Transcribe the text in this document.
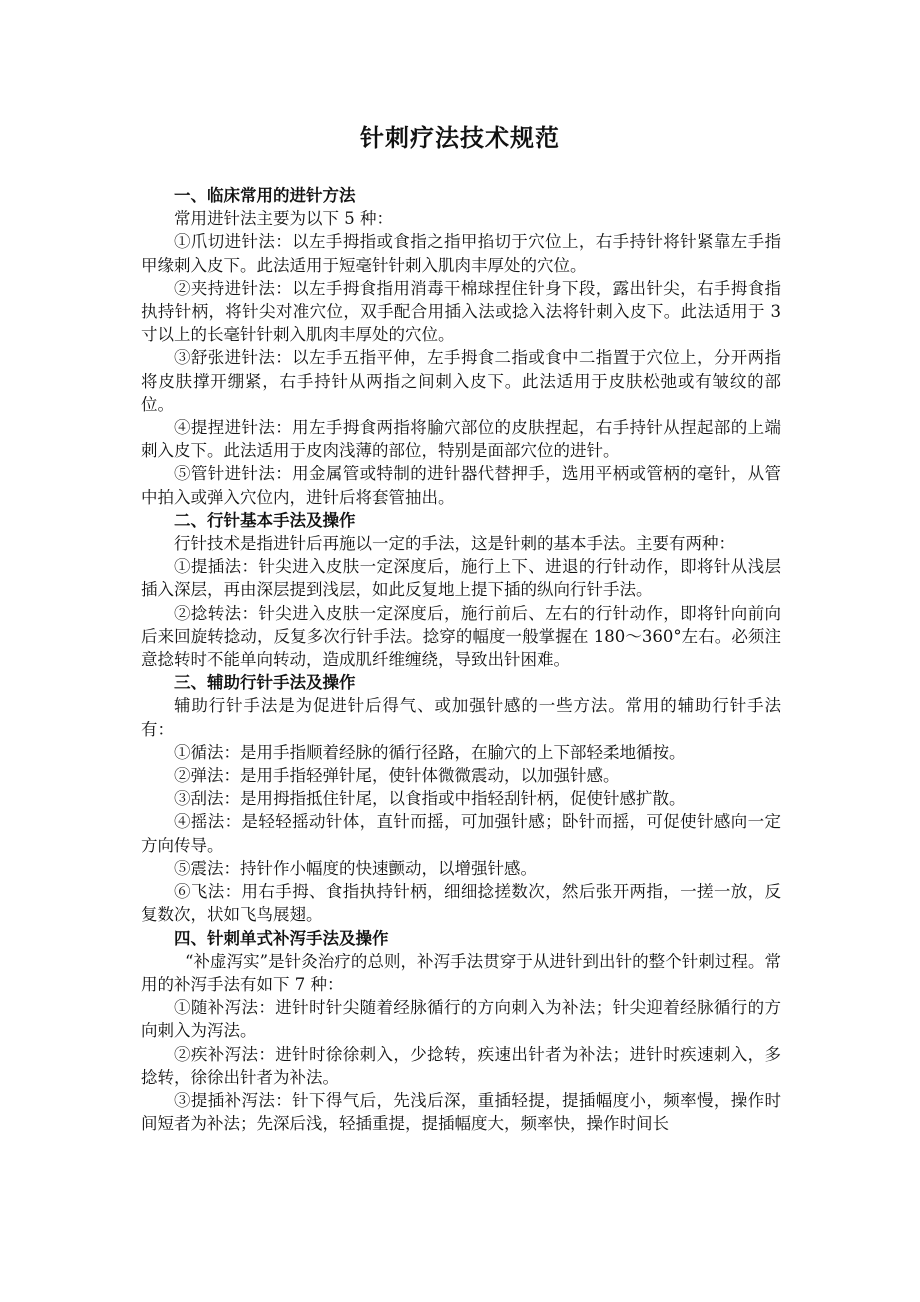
针刺疗法技术规范

一、临床常用的进针方法

常用进针法主要为以下 5 种：

①爪切进针法：以左手拇指或食指之指甲掐切于穴位上，右手持针将针紧靠左手指甲缘刺入皮下。此法适用于短毫针针刺入肌肉丰厚处的穴位。

②夹持进针法：以左手拇食指用消毒干棉球捏住针身下段，露出针尖，右手拇食指执持针柄，将针尖对准穴位，双手配合用插入法或捻入法将针刺入皮下。此法适用于 3 寸以上的长毫针针刺入肌肉丰厚处的穴位。

③舒张进针法：以左手五指平伸，左手拇食二指或食中二指置于穴位上，分开两指将皮肤撑开绷紧，右手持针从两指之间刺入皮下。此法适用于皮肤松弛或有皱纹的部位。

④提捏进针法：用左手拇食两指将腧穴部位的皮肤捏起，右手持针从捏起部的上端刺入皮下。此法适用于皮肉浅薄的部位，特别是面部穴位的进针。

⑤管针进针法：用金属管或特制的进针器代替押手，选用平柄或管柄的毫针，从管中拍入或弹入穴位内，进针后将套管抽出。

二、行针基本手法及操作

行针技术是指进针后再施以一定的手法，这是针刺的基本手法。主要有两种：

①提插法：针尖进入皮肤一定深度后，施行上下、进退的行针动作，即将针从浅层插入深层，再由深层提到浅层，如此反复地上提下插的纵向行针手法。

②捻转法：针尖进入皮肤一定深度后，施行前后、左右的行针动作，即将针向前向后来回旋转捻动，反复多次行针手法。捻穿的幅度一般掌握在 180～360°左右。必须注意捻转时不能单向转动，造成肌纤维缠绕，导致出针困难。

三、辅助行针手法及操作

辅助行针手法是为促进针后得气、或加强针感的一些方法。常用的辅助行针手法有：

①循法：是用手指顺着经脉的循行径路，在腧穴的上下部轻柔地循按。

②弹法：是用手指轻弹针尾，使针体微微震动，以加强针感。

③刮法：是用拇指抵住针尾，以食指或中指轻刮针柄，促使针感扩散。

④摇法：是轻轻摇动针体，直针而摇，可加强针感；卧针而摇，可促使针感向一定方向传导。

⑤震法：持针作小幅度的快速颤动，以增强针感。

⑥飞法：用右手拇、食指执持针柄，细细捻搓数次，然后张开两指，一搓一放，反复数次，状如飞鸟展翅。

四、针刺单式补泻手法及操作

“补虚泻实”是针灸治疗的总则，补泻手法贯穿于从进针到出针的整个针刺过程。常用的补泻手法有如下 7 种：

①随补泻法：进针时针尖随着经脉循行的方向刺入为补法；针尖迎着经脉循行的方向刺入为泻法。

②疾补泻法：进针时徐徐刺入，少捻转，疾速出针者为补法；进针时疾速刺入，多捻转，徐徐出针者为补法。

③提插补泻法：针下得气后，先浅后深，重插轻提，提插幅度小，频率慢，操作时间短者为补法；先深后浅，轻插重提，提插幅度大，频率快，操作时间长
